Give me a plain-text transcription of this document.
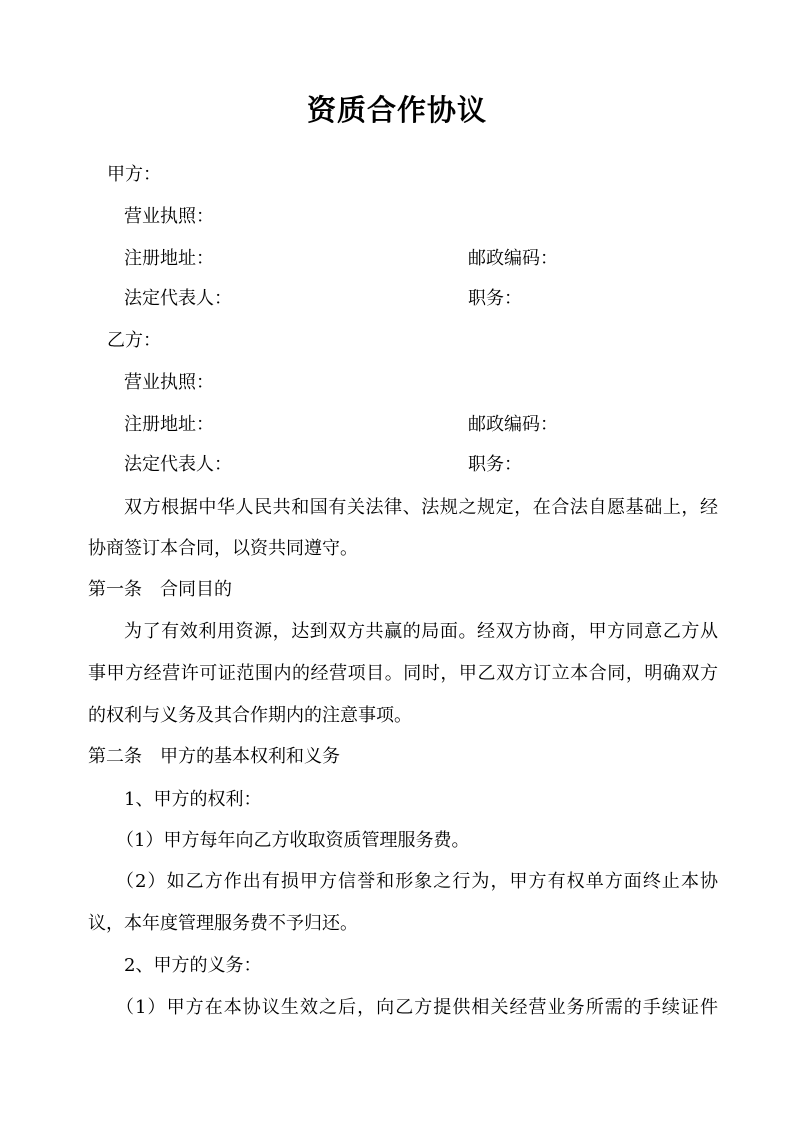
资质合作协议
甲方：
营业执照：
注册地址：	邮政编码：
法定代表人：	职务：
乙方：
营业执照：
注册地址：	邮政编码：
法定代表人：	职务：
双方根据中华人民共和国有关法律、法规之规定，在合法自愿基础上，经
协商签订本合同，以资共同遵守。
第一条　合同目的
为了有效利用资源，达到双方共赢的局面。经双方协商，甲方同意乙方从
事甲方经营许可证范围内的经营项目。同时，甲乙双方订立本合同，明确双方
的权利与义务及其合作期内的注意事项。
第二条　甲方的基本权利和义务
1、甲方的权利：
（1）甲方每年向乙方收取资质管理服务费。
（2）如乙方作出有损甲方信誉和形象之行为，甲方有权单方面终止本协
议，本年度管理服务费不予归还。
2、甲方的义务：
（1）甲方在本协议生效之后，向乙方提供相关经营业务所需的手续证件
